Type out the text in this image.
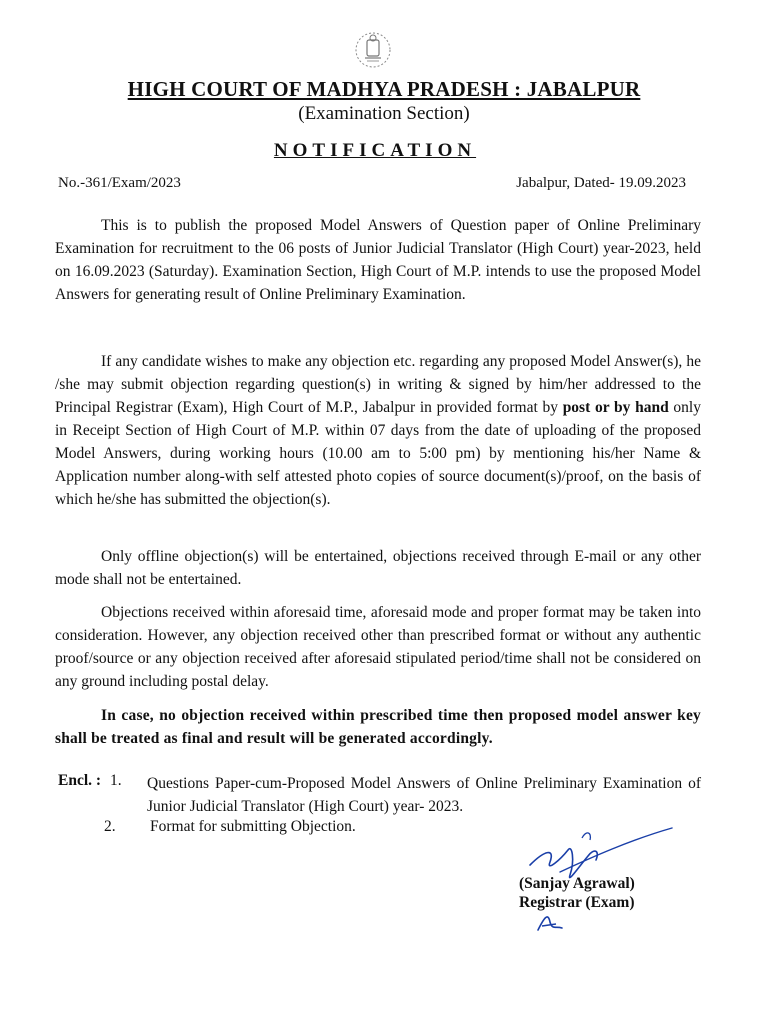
HIGH COURT OF MADHYA PRADESH : JABALPUR
(Examination Section)
NOTIFICATION
No.-361/Exam/2023	Jabalpur, Dated- 19.09.2023

This is to publish the proposed Model Answers of Question paper of Online Preliminary Examination for recruitment to the 06 posts of Junior Judicial Translator (High Court) year-2023, held on 16.09.2023 (Saturday). Examination Section, High Court of M.P. intends to use the proposed Model Answers for generating result of Online Preliminary Examination.

If any candidate wishes to make any objection etc. regarding any proposed Model Answer(s), he /she may submit objection regarding question(s) in writing & signed by him/her addressed to the Principal Registrar (Exam), High Court of M.P., Jabalpur in provided format by post or by hand only in Receipt Section of High Court of M.P. within 07 days from the date of uploading of the proposed Model Answers, during working hours (10.00 am to 5:00 pm) by mentioning his/her Name & Application number along-with self attested photo copies of source document(s)/proof, on the basis of which he/she has submitted the objection(s).

Only offline objection(s) will be entertained, objections received through E-mail or any other mode shall not be entertained.

Objections received within aforesaid time, aforesaid mode and proper format may be taken into consideration. However, any objection received other than prescribed format or without any authentic proof/source or any objection received after aforesaid stipulated period/time shall not be considered on any ground including postal delay.

In case, no objection received within prescribed time then proposed model answer key shall be treated as final and result will be generated accordingly.

Encl. : 1. Questions Paper-cum-Proposed Model Answers of Online Preliminary Examination of Junior Judicial Translator (High Court) year- 2023.

2. Format for submitting Objection.
(Sanjay Agrawal)
Registrar (Exam)
